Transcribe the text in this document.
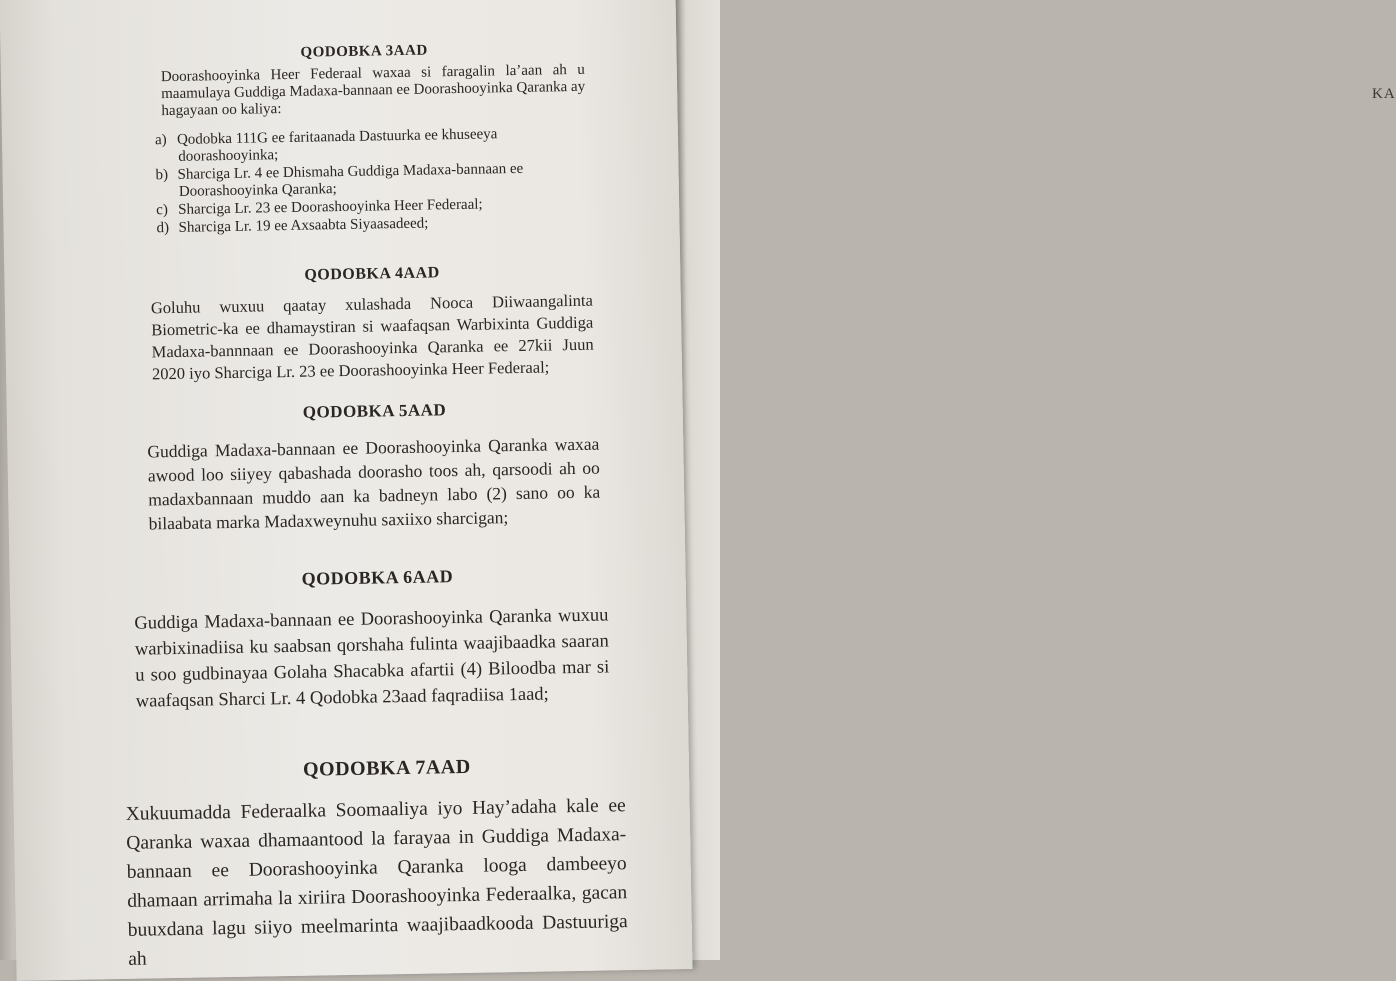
KA
QODOBKA 3AAD
Doorashooyinka Heer Federaal waxaa si faragalin la’aan ah u maamulaya Guddiga Madaxa-bannaan ee Doorashooyinka Qaranka ay hagayaan oo kaliya:
a) Qodobka 111G ee faritaanada Dastuurka ee khuseeya
doorashooyinka;
b) Sharciga Lr. 4 ee Dhismaha Guddiga Madaxa-bannaan ee
Doorashooyinka Qaranka;
c) Sharciga Lr. 23 ee Doorashooyinka Heer Federaal;
d) Sharciga Lr. 19 ee Axsaabta Siyaasadeed;
QODOBKA 4AAD
Goluhu wuxuu qaatay xulashada Nooca Diiwaangalinta Biometric-ka ee dhamaystiran si waafaqsan Warbixinta Guddiga Madaxa-bannnaan ee Doorashooyinka Qaranka ee 27kii Juun 2020 iyo Sharciga Lr. 23 ee Doorashooyinka Heer Federaal;
QODOBKA 5AAD
Guddiga Madaxa-bannaan ee Doorashooyinka Qaranka waxaa awood loo siiyey qabashada doorasho toos ah, qarsoodi ah oo madaxbannaan muddo aan ka badneyn labo (2) sano oo ka bilaabata marka Madaxweynuhu saxiixo sharcigan;
QODOBKA 6AAD
Guddiga Madaxa-bannaan ee Doorashooyinka Qaranka wuxuu warbixinadiisa ku saabsan qorshaha fulinta waajibaadka saaran u soo gudbinayaa Golaha Shacabka afartii (4) Biloodba mar si waafaqsan Sharci Lr. 4 Qodobka 23aad faqradiisa 1aad;
QODOBKA 7AAD
Xukuumadda Federaalka Soomaaliya iyo Hay’adaha kale ee Qaranka waxaa dhamaantood la farayaa in Guddiga Madaxa-bannaan ee Doorashooyinka Qaranka looga dambeeyo dhamaan arrimaha la xiriira Doorashooyinka Federaalka, gacan buuxdana lagu siiyo meelmarinta waajibaadkooda Dastuuriga ah
